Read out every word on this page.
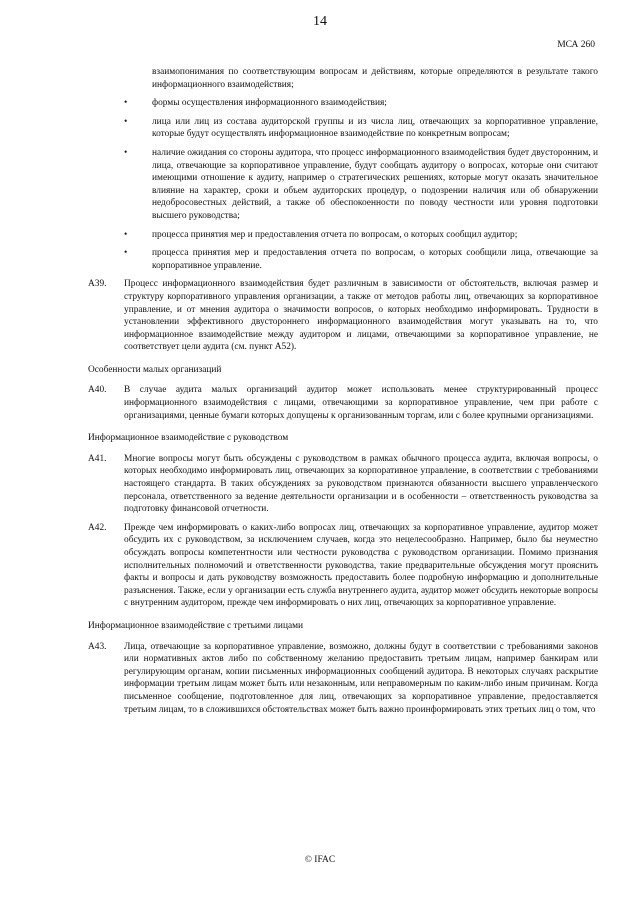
14
МСА 260
взаимопонимания по соответствующим вопросам и действиям, которые определяются в результате такого информационного взаимодействия;
•	формы осуществления информационного взаимодействия;
•	лица или лиц из состава аудиторской группы и из числа лиц, отвечающих за корпоративное управление, которые будут осуществлять информационное взаимодействие по конкретным вопросам;
•	наличие ожидания со стороны аудитора, что процесс информационного взаимодействия будет двусторонним, и лица, отвечающие за корпоративное управление, будут сообщать аудитору о вопросах, которые они считают имеющими отношение к аудиту, например о стратегических решениях, которые могут оказать значительное влияние на характер, сроки и объем аудиторских процедур, о подозрении наличия или об обнаружении недобросовестных действий, а также об обеспокоенности по поводу честности или уровня подготовки высшего руководства;
•	процесса принятия мер и предоставления отчета по вопросам, о которых сообщил аудитор;
•	процесса принятия мер и предоставления отчета по вопросам, о которых сообщили лица, отвечающие за корпоративное управление.
A39.	Процесс информационного взаимодействия будет различным в зависимости от обстоятельств, включая размер и структуру корпоративного управления организации, а также от методов работы лиц, отвечающих за корпоративное управление, и от мнения аудитора о значимости вопросов, о которых необходимо информировать. Трудности в установлении эффективного двустороннего информационного взаимодействия могут указывать на то, что информационное взаимодействие между аудитором и лицами, отвечающими за корпоративное управление, не соответствует цели аудита (см. пункт А52).
Особенности малых организаций
A40.	В случае аудита малых организаций аудитор может использовать менее структурированный процесс информационного взаимодействия с лицами, отвечающими за корпоративное управление, чем при работе с организациями, ценные бумаги которых допущены к организованным торгам, или с более крупными организациями.
Информационное взаимодействие с руководством
A41.	Многие вопросы могут быть обсуждены с руководством в рамках обычного процесса аудита, включая вопросы, о которых необходимо информировать лиц, отвечающих за корпоративное управление, в соответствии с требованиями настоящего стандарта. В таких обсуждениях за руководством признаются обязанности высшего управленческого персонала, ответственного за ведение деятельности организации и в особенности – ответственность руководства за подготовку финансовой отчетности.
A42.	Прежде чем информировать о каких-либо вопросах лиц, отвечающих за корпоративное управление, аудитор может обсудить их с руководством, за исключением случаев, когда это нецелесообразно. Например, было бы неуместно обсуждать вопросы компетентности или честности руководства с руководством организации. Помимо признания исполнительных полномочий и ответственности руководства, такие предварительные обсуждения могут прояснить факты и вопросы и дать руководству возможность предоставить более подробную информацию и дополнительные разъяснения. Также, если у организации есть служба внутреннего аудита, аудитор может обсудить некоторые вопросы с внутренним аудитором, прежде чем информировать о них лиц, отвечающих за корпоративное управление.
Информационное взаимодействие с третьими лицами
A43.	Лица, отвечающие за корпоративное управление, возможно, должны будут в соответствии с требованиями законов или нормативных актов либо по собственному желанию предоставить третьим лицам, например банкирам или регулирующим органам, копии письменных информационных сообщений аудитора. В некоторых случаях раскрытие информации третьим лицам может быть или незаконным, или неправомерным по каким-либо иным причинам. Когда письменное сообщение, подготовленное для лиц, отвечающих за корпоративное управление, предоставляется третьим лицам, то в сложившихся обстоятельствах может быть важно проинформировать этих третьих лиц о том, что
© IFAC
